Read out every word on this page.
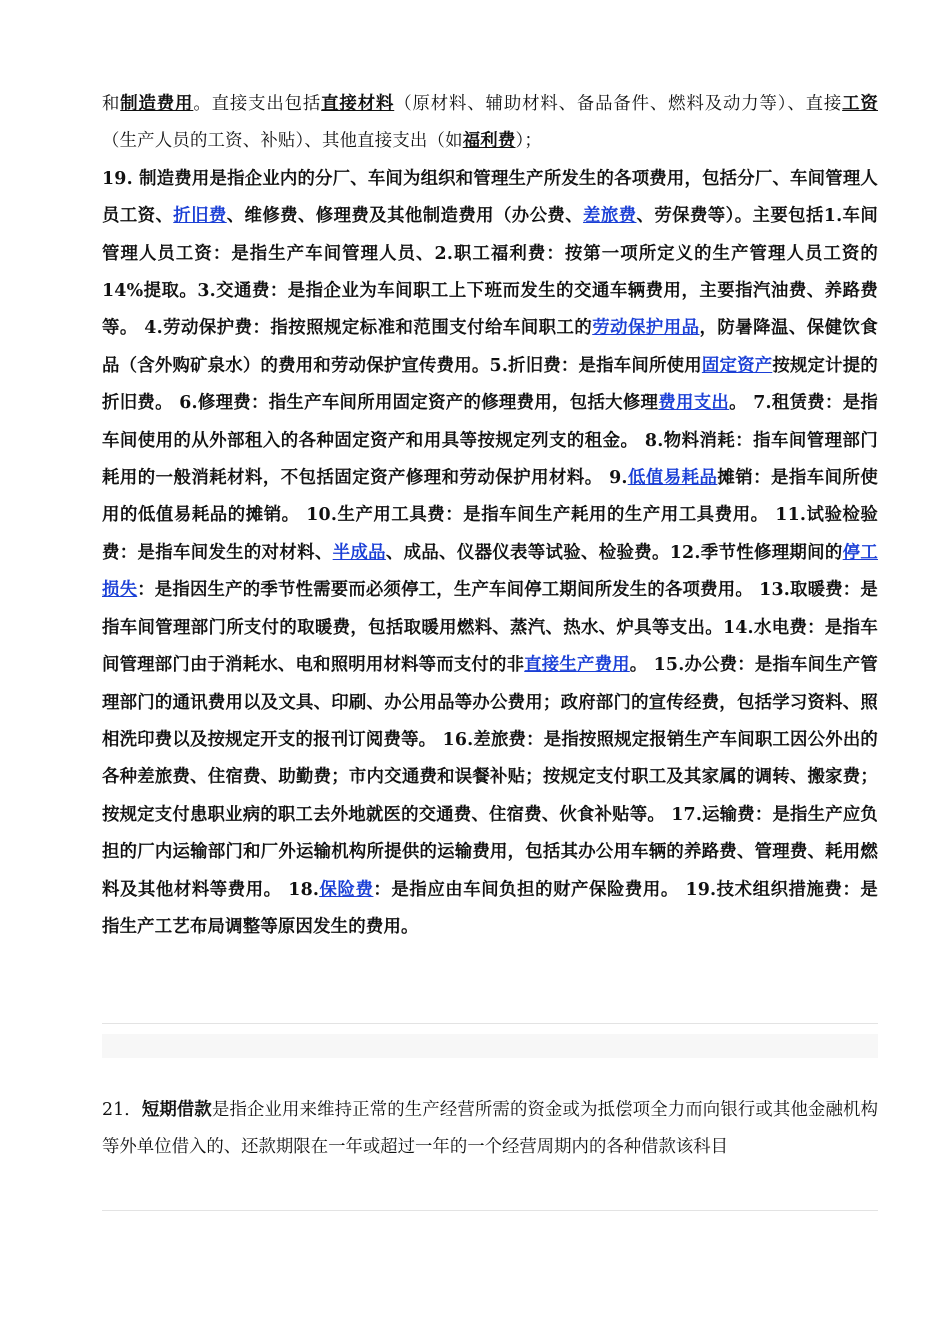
和制造费用。直接支出包括直接材料（原材料、辅助材料、备品备件、燃料及动力等）、直接工资（生产人员的工资、补贴）、其他直接支出（如福利费）；

19. 制造费用是指企业内的分厂、车间为组织和管理生产所发生的各项费用，包括分厂、车间管理人员工资、折旧费、维修费、修理费及其他制造费用（办公费、差旅费、劳保费等）。主要包括1.车间管理人员工资：是指生产车间管理人员、2.职工福利费：按第一项所定义的生产管理人员工资的14%提取。3.交通费：是指企业为车间职工上下班而发生的交通车辆费用，主要指汽油费、养路费等。 4.劳动保护费：指按照规定标准和范围支付给车间职工的劳动保护用品，防暑降温、保健饮食品（含外购矿泉水）的费用和劳动保护宣传费用。5.折旧费：是指车间所使用固定资产按规定计提的折旧费。 6.修理费：指生产车间所用固定资产的修理费用，包括大修理费用支出。 7.租赁费：是指车间使用的从外部租入的各种固定资产和用具等按规定列支的租金。 8.物料消耗：指车间管理部门耗用的一般消耗材料，不包括固定资产修理和劳动保护用材料。 9.低值易耗品摊销：是指车间所使用的低值易耗品的摊销。 10.生产用工具费：是指车间生产耗用的生产用工具费用。 11.试验检验费：是指车间发生的对材料、半成品、成品、仪器仪表等试验、检验费。12.季节性修理期间的停工损失：是指因生产的季节性需要而必须停工，生产车间停工期间所发生的各项费用。 13.取暖费：是指车间管理部门所支付的取暖费，包括取暖用燃料、蒸汽、热水、炉具等支出。14.水电费：是指车间管理部门由于消耗水、电和照明用材料等而支付的非直接生产费用。 15.办公费：是指车间生产管理部门的通讯费用以及文具、印刷、办公用品等办公费用；政府部门的宣传经费，包括学习资料、照相洗印费以及按规定开支的报刊订阅费等。 16.差旅费：是指按照规定报销生产车间职工因公外出的各种差旅费、住宿费、助勤费；市内交通费和误餐补贴；按规定支付职工及其家属的调转、搬家费；按规定支付患职业病的职工去外地就医的交通费、住宿费、伙食补贴等。 17.运输费：是指生产应负担的厂内运输部门和厂外运输机构所提供的运输费用，包括其办公用车辆的养路费、管理费、耗用燃料及其他材料等费用。 18.保险费：是指应由车间负担的财产保险费用。 19.技术组织措施费：是指生产工艺布局调整等原因发生的费用。

21．短期借款是指企业用来维持正常的生产经营所需的资金或为抵偿项全力而向银行或其他金融机构等外单位借入的、还款期限在一年或超过一年的一个经营周期内的各种借款该科目
